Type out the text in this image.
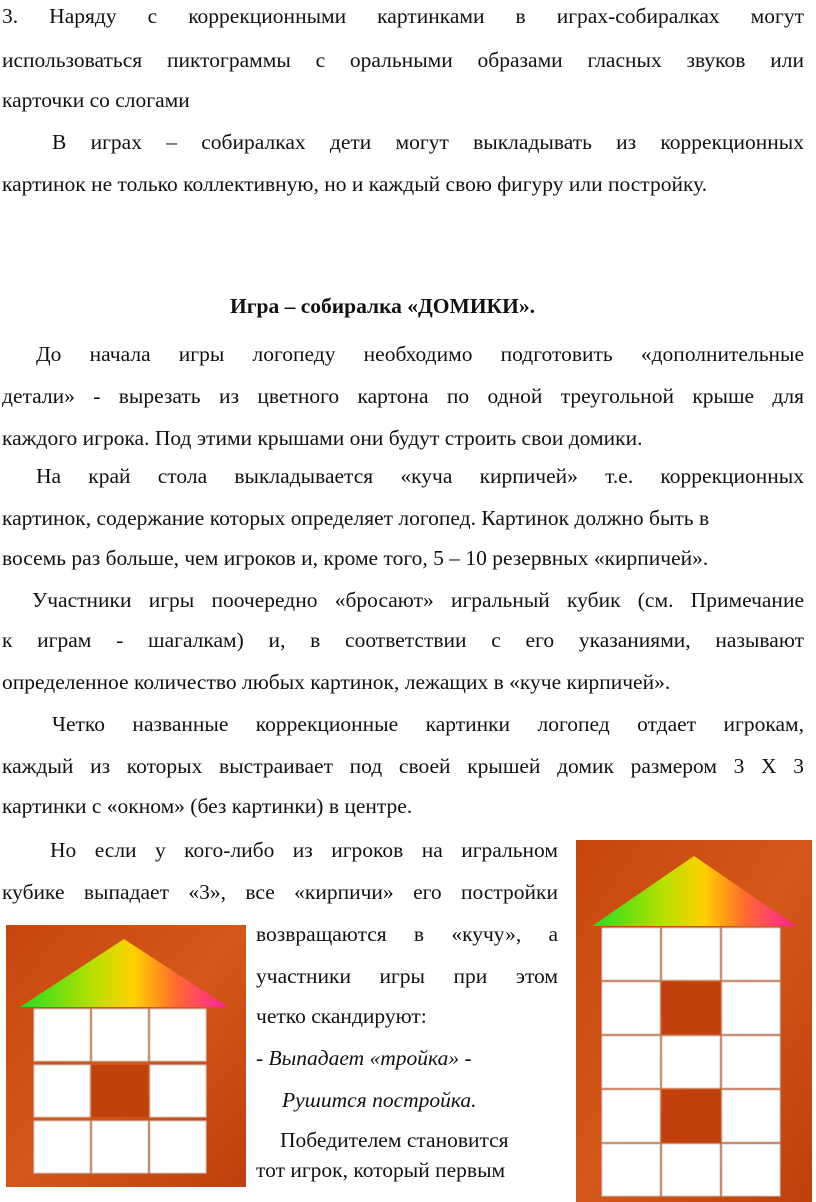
3. Наряду с коррекционными картинками в играх-собиралках могут
использоваться пиктограммы с оральными образами гласных звуков или
карточки со слогами
В играх – собиралках дети могут выкладывать из коррекционных
картинок не только коллективную, но и каждый свою фигуру или постройку.
Игра – собиралка «ДОМИКИ».
До начала игры логопеду необходимо подготовить «дополнительные
детали» - вырезать из цветного картона по одной треугольной крыше для
каждого игрока. Под этими крышами они будут строить свои домики.
На край стола выкладывается «куча кирпичей» т.е. коррекционных
картинок, содержание которых определяет логопед. Картинок должно быть в
восемь раз больше, чем игроков и, кроме того, 5 – 10 резервных «кирпичей».
Участники игры поочередно «бросают» игральный кубик (см. Примечание
к играм - шагалкам) и, в соответствии с его указаниями, называют
определенное количество любых картинок, лежащих в «куче кирпичей».
Четко названные коррекционные картинки логопед отдает игрокам,
каждый из которых выстраивает под своей крышей домик размером 3 Х 3
картинки с «окном» (без картинки) в центре.
Но если у кого-либо из игроков на игральном
кубике выпадает «3», все «кирпичи» его постройки
возвращаются в «кучу», а
участники игры при этом
четко скандируют:
- Выпадает «тройка» -
Рушится постройка.
Победителем становится
тот игрок, который первым
